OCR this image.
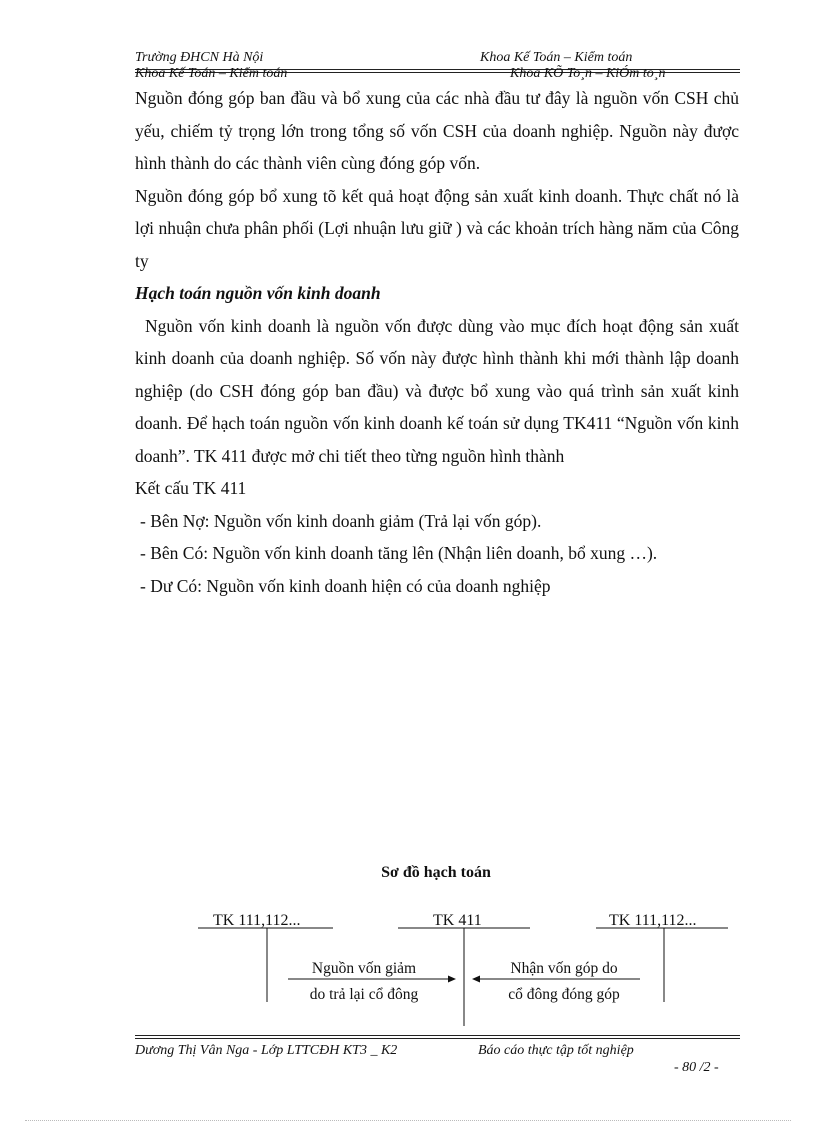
Trường ĐHCN Hà Nội	Khoa Kế Toán – Kiểm toán
Khoa Kế Toán – Kiểm toán	Khoa KÕ To¸n – KiÓm to¸n

Nguồn đóng góp ban đầu và bổ xung của các nhà đầu tư đây là nguồn vốn CSH chủ yếu, chiếm tỷ trọng lớn trong tổng số vốn CSH của doanh nghiệp. Nguồn này được hình thành do các thành viên cùng đóng góp vốn.

Nguồn đóng góp bổ xung tõ kết quả hoạt động sản xuất kinh doanh. Thực chất nó là lợi nhuận chưa phân phối (Lợi nhuận lưu giữ ) và các khoản trích hàng năm của Công ty

Hạch toán nguồn vốn kinh doanh

Nguồn vốn kinh doanh là nguồn vốn được dùng vào mục đích hoạt động sản xuất kinh doanh của doanh nghiệp. Số vốn này được hình thành khi mới thành lập doanh nghiệp (do CSH đóng góp ban đầu) và được bổ xung vào quá trình sản xuất kinh doanh. Để hạch toán nguồn vốn kinh doanh kế toán sử dụng TK411 “Nguồn vốn kinh doanh”. TK 411 được mở chi tiết theo từng nguồn hình thành

Kết cấu TK 411

- Bên Nợ: Nguồn vốn kinh doanh giảm (Trả lại vốn góp).

- Bên Có: Nguồn vốn kinh doanh tăng lên (Nhận liên doanh, bổ xung …).

- Dư Có: Nguồn vốn kinh doanh hiện có của doanh nghiệp

Sơ đồ hạch toán
TK 111,112...	TK 411	TK 111,112...
Nguồn vốn giảm
do trả lại cổ đông
Nhận vốn góp do
cổ đông đóng góp
Dương Thị Vân Nga - Lớp LTTCĐH KT3 _ K2	Báo cáo thực tập tốt nghiệp
- 80 /2 -
